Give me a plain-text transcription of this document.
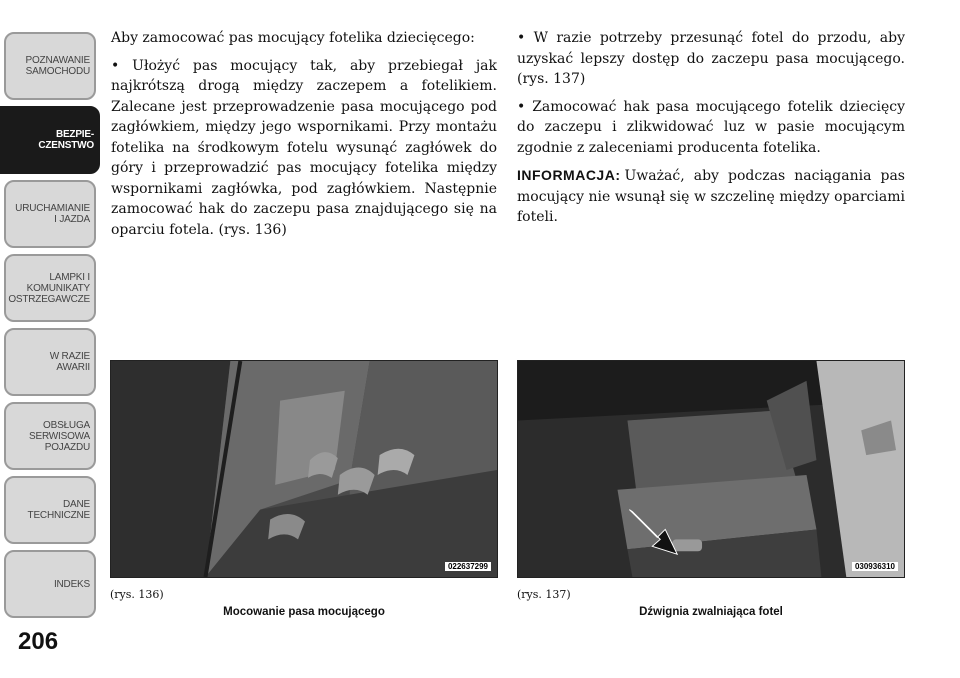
POZNAWANIE
SAMOCHODU
BEZPIE-
CZENSTWO
URUCHAMIANIE
I JAZDA
LAMPKI I
KOMUNIKATY
OSTRZEGAWCZE
W RAZIE
AWARII
OBSŁUGA
SERWISOWA
POJAZDU
DANE
TECHNICZNE
INDEKS
206

Aby zamocować pas mocujący fotelika dziecięcego:

• Ułożyć pas mocujący tak, aby przebiegał jak najkrótszą drogą między zaczepem a fotelikiem. Zalecane jest przeprowadzenie pasa mocującego pod zagłówkiem, między jego wspornikami. Przy montażu fotelika na środkowym fotelu wysunąć zagłówek do góry i przeprowadzić pas mocujący fotelika między wspornikami zagłówka, pod zagłówkiem. Następnie zamocować hak do zaczepu pasa znajdującego się na oparciu fotela. (rys. 136)

• W razie potrzeby przesunąć fotel do przodu, aby uzyskać lepszy dostęp do zaczepu pasa mocującego. (rys. 137)

• Zamocować hak pasa mocującego fotelik dziecięcy do zaczepu i zlikwidować luz w pasie mocującym zgodnie z zaleceniami producenta fotelika.

INFORMACJA: Uważać, aby podczas naciągania pas mocujący nie wsunął się w szczelinę między oparciami foteli.

022637299
(rys. 136)
Mocowanie pasa mocującego
030936310
(rys. 137)
Dźwignia zwalniająca fotel
